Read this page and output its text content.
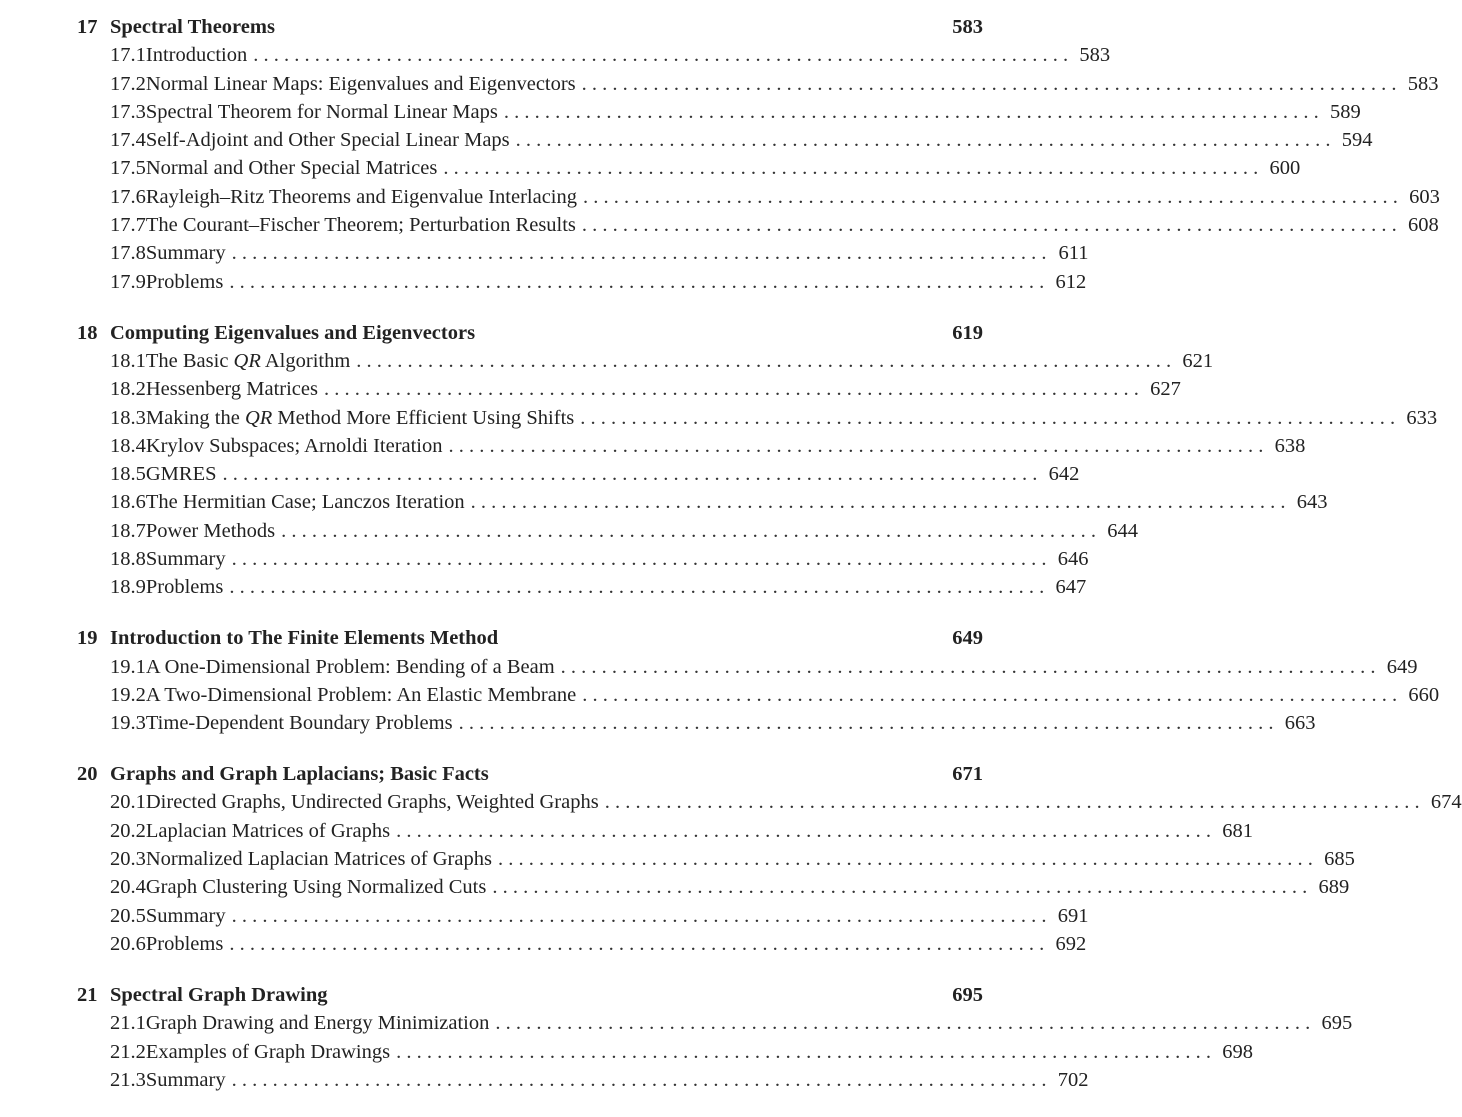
17 Spectral Theorems	583
17.1 Introduction . . . . . . . . . . . . . . . . . . . . . . . . . . . . . . . . . . . . . . . . . . . . . . . . . . . . . . . . . . . . . . . . . . . . . . . . . . . . . . . . 583
17.2 Normal Linear Maps: Eigenvalues and Eigenvectors . . . . . . . . . . . . . . . . . . . . . . . . . . . . . . . . . . . . . . . . . . . . . . . . . . . . . . . . . . . . . . . . . . . . . . . . . . . . . . . . 583
17.3 Spectral Theorem for Normal Linear Maps . . . . . . . . . . . . . . . . . . . . . . . . . . . . . . . . . . . . . . . . . . . . . . . . . . . . . . . . . . . . . . . . . . . . . . . . . . . . . . . . 589
17.4 Self-Adjoint and Other Special Linear Maps . . . . . . . . . . . . . . . . . . . . . . . . . . . . . . . . . . . . . . . . . . . . . . . . . . . . . . . . . . . . . . . . . . . . . . . . . . . . . . . . 594
17.5 Normal and Other Special Matrices . . . . . . . . . . . . . . . . . . . . . . . . . . . . . . . . . . . . . . . . . . . . . . . . . . . . . . . . . . . . . . . . . . . . . . . . . . . . . . . . 600
17.6 Rayleigh–Ritz Theorems and Eigenvalue Interlacing . . . . . . . . . . . . . . . . . . . . . . . . . . . . . . . . . . . . . . . . . . . . . . . . . . . . . . . . . . . . . . . . . . . . . . . . . . . . . . . . 603
17.7 The Courant–Fischer Theorem; Perturbation Results . . . . . . . . . . . . . . . . . . . . . . . . . . . . . . . . . . . . . . . . . . . . . . . . . . . . . . . . . . . . . . . . . . . . . . . . . . . . . . . . 608
17.8 Summary . . . . . . . . . . . . . . . . . . . . . . . . . . . . . . . . . . . . . . . . . . . . . . . . . . . . . . . . . . . . . . . . . . . . . . . . . . . . . . . . 611
17.9 Problems . . . . . . . . . . . . . . . . . . . . . . . . . . . . . . . . . . . . . . . . . . . . . . . . . . . . . . . . . . . . . . . . . . . . . . . . . . . . . . . . 612
18 Computing Eigenvalues and Eigenvectors	619
18.1 The Basic QR Algorithm . . . . . . . . . . . . . . . . . . . . . . . . . . . . . . . . . . . . . . . . . . . . . . . . . . . . . . . . . . . . . . . . . . . . . . . . . . . . . . . . 621
18.2 Hessenberg Matrices . . . . . . . . . . . . . . . . . . . . . . . . . . . . . . . . . . . . . . . . . . . . . . . . . . . . . . . . . . . . . . . . . . . . . . . . . . . . . . . . 627
18.3 Making the QR Method More Efficient Using Shifts . . . . . . . . . . . . . . . . . . . . . . . . . . . . . . . . . . . . . . . . . . . . . . . . . . . . . . . . . . . . . . . . . . . . . . . . . . . . . . . . 633
18.4 Krylov Subspaces; Arnoldi Iteration . . . . . . . . . . . . . . . . . . . . . . . . . . . . . . . . . . . . . . . . . . . . . . . . . . . . . . . . . . . . . . . . . . . . . . . . . . . . . . . . 638
18.5 GMRES . . . . . . . . . . . . . . . . . . . . . . . . . . . . . . . . . . . . . . . . . . . . . . . . . . . . . . . . . . . . . . . . . . . . . . . . . . . . . . . . 642
18.6 The Hermitian Case; Lanczos Iteration . . . . . . . . . . . . . . . . . . . . . . . . . . . . . . . . . . . . . . . . . . . . . . . . . . . . . . . . . . . . . . . . . . . . . . . . . . . . . . . . 643
18.7 Power Methods . . . . . . . . . . . . . . . . . . . . . . . . . . . . . . . . . . . . . . . . . . . . . . . . . . . . . . . . . . . . . . . . . . . . . . . . . . . . . . . . 644
18.8 Summary . . . . . . . . . . . . . . . . . . . . . . . . . . . . . . . . . . . . . . . . . . . . . . . . . . . . . . . . . . . . . . . . . . . . . . . . . . . . . . . . 646
18.9 Problems . . . . . . . . . . . . . . . . . . . . . . . . . . . . . . . . . . . . . . . . . . . . . . . . . . . . . . . . . . . . . . . . . . . . . . . . . . . . . . . . 647
19 Introduction to The Finite Elements Method	649
19.1 A One-Dimensional Problem: Bending of a Beam . . . . . . . . . . . . . . . . . . . . . . . . . . . . . . . . . . . . . . . . . . . . . . . . . . . . . . . . . . . . . . . . . . . . . . . . . . . . . . . . 649
19.2 A Two-Dimensional Problem: An Elastic Membrane . . . . . . . . . . . . . . . . . . . . . . . . . . . . . . . . . . . . . . . . . . . . . . . . . . . . . . . . . . . . . . . . . . . . . . . . . . . . . . . . 660
19.3 Time-Dependent Boundary Problems . . . . . . . . . . . . . . . . . . . . . . . . . . . . . . . . . . . . . . . . . . . . . . . . . . . . . . . . . . . . . . . . . . . . . . . . . . . . . . . . 663
20 Graphs and Graph Laplacians; Basic Facts	671
20.1 Directed Graphs, Undirected Graphs, Weighted Graphs . . . . . . . . . . . . . . . . . . . . . . . . . . . . . . . . . . . . . . . . . . . . . . . . . . . . . . . . . . . . . . . . . . . . . . . . . . . . . . . . 674
20.2 Laplacian Matrices of Graphs . . . . . . . . . . . . . . . . . . . . . . . . . . . . . . . . . . . . . . . . . . . . . . . . . . . . . . . . . . . . . . . . . . . . . . . . . . . . . . . . 681
20.3 Normalized Laplacian Matrices of Graphs . . . . . . . . . . . . . . . . . . . . . . . . . . . . . . . . . . . . . . . . . . . . . . . . . . . . . . . . . . . . . . . . . . . . . . . . . . . . . . . . 685
20.4 Graph Clustering Using Normalized Cuts . . . . . . . . . . . . . . . . . . . . . . . . . . . . . . . . . . . . . . . . . . . . . . . . . . . . . . . . . . . . . . . . . . . . . . . . . . . . . . . . 689
20.5 Summary . . . . . . . . . . . . . . . . . . . . . . . . . . . . . . . . . . . . . . . . . . . . . . . . . . . . . . . . . . . . . . . . . . . . . . . . . . . . . . . . 691
20.6 Problems . . . . . . . . . . . . . . . . . . . . . . . . . . . . . . . . . . . . . . . . . . . . . . . . . . . . . . . . . . . . . . . . . . . . . . . . . . . . . . . . 692
21 Spectral Graph Drawing	695
21.1 Graph Drawing and Energy Minimization . . . . . . . . . . . . . . . . . . . . . . . . . . . . . . . . . . . . . . . . . . . . . . . . . . . . . . . . . . . . . . . . . . . . . . . . . . . . . . . . 695
21.2 Examples of Graph Drawings . . . . . . . . . . . . . . . . . . . . . . . . . . . . . . . . . . . . . . . . . . . . . . . . . . . . . . . . . . . . . . . . . . . . . . . . . . . . . . . . 698
21.3 Summary . . . . . . . . . . . . . . . . . . . . . . . . . . . . . . . . . . . . . . . . . . . . . . . . . . . . . . . . . . . . . . . . . . . . . . . . . . . . . . . . 702
